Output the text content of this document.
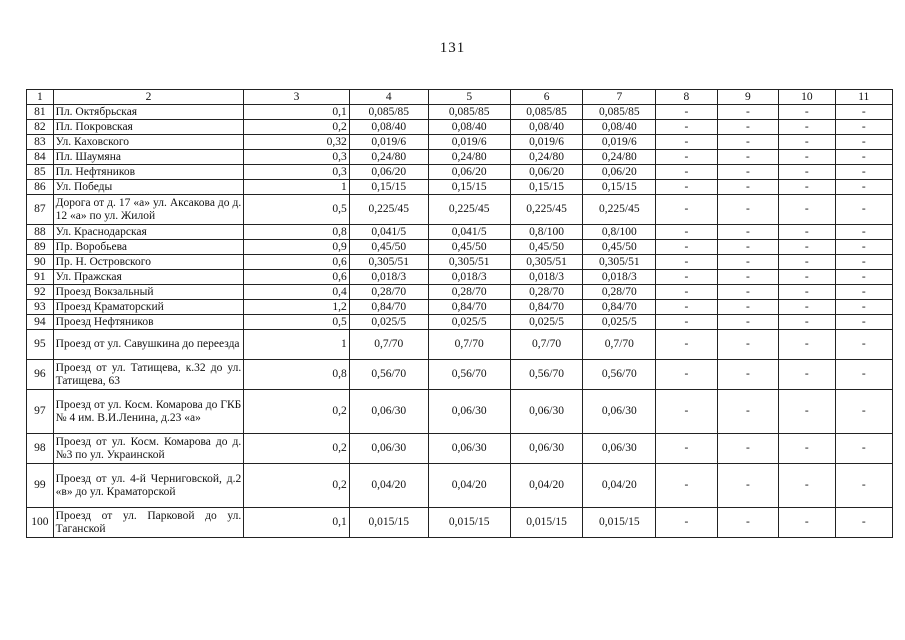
131
1	2	3	4	5	6	7	8	9	10	11
81	Пл. Октябрьская	0,1	0,085/85	0,085/85	0,085/85	0,085/85	-	-	-	-
82	Пл. Покровская	0,2	0,08/40	0,08/40	0,08/40	0,08/40	-	-	-	-
83	Ул. Каховского	0,32	0,019/6	0,019/6	0,019/6	0,019/6	-	-	-	-
84	Пл. Шаумяна	0,3	0,24/80	0,24/80	0,24/80	0,24/80	-	-	-	-
85	Пл. Нефтяников	0,3	0,06/20	0,06/20	0,06/20	0,06/20	-	-	-	-
86	Ул. Победы	1	0,15/15	0,15/15	0,15/15	0,15/15	-	-	-	-
87	Дорога от д. 17 «а» ул. Аксакова до д. 12 «а» по ул. Жилой	0,5	0,225/45	0,225/45	0,225/45	0,225/45	-	-	-	-
88	Ул. Краснодарская	0,8	0,041/5	0,041/5	0,8/100	0,8/100	-	-	-	-
89	Пр. Воробьева	0,9	0,45/50	0,45/50	0,45/50	0,45/50	-	-	-	-
90	Пр. Н. Островского	0,6	0,305/51	0,305/51	0,305/51	0,305/51	-	-	-	-
91	Ул. Пражская	0,6	0,018/3	0,018/3	0,018/3	0,018/3	-	-	-	-
92	Проезд Вокзальный	0,4	0,28/70	0,28/70	0,28/70	0,28/70	-	-	-	-
93	Проезд Краматорский	1,2	0,84/70	0,84/70	0,84/70	0,84/70	-	-	-	-
94	Проезд Нефтяников	0,5	0,025/5	0,025/5	0,025/5	0,025/5	-	-	-	-
95	Проезд от ул. Савушкина до переезда	1	0,7/70	0,7/70	0,7/70	0,7/70	-	-	-	-
96	Проезд от ул. Татищева, к.32 до ул. Татищева, 63	0,8	0,56/70	0,56/70	0,56/70	0,56/70	-	-	-	-
97	Проезд от ул. Косм. Комарова до ГКБ № 4 им. В.И.Ленина, д.23 «а»	0,2	0,06/30	0,06/30	0,06/30	0,06/30	-	-	-	-
98	Проезд от ул. Косм. Комарова до д.№3 по ул. Украинской	0,2	0,06/30	0,06/30	0,06/30	0,06/30	-	-	-	-
99	Проезд от ул. 4-й Черниговской, д.2 «в» до ул. Краматорской	0,2	0,04/20	0,04/20	0,04/20	0,04/20	-	-	-	-
100	Проезд от ул. Парковой до ул. Таганской	0,1	0,015/15	0,015/15	0,015/15	0,015/15	-	-	-	-
